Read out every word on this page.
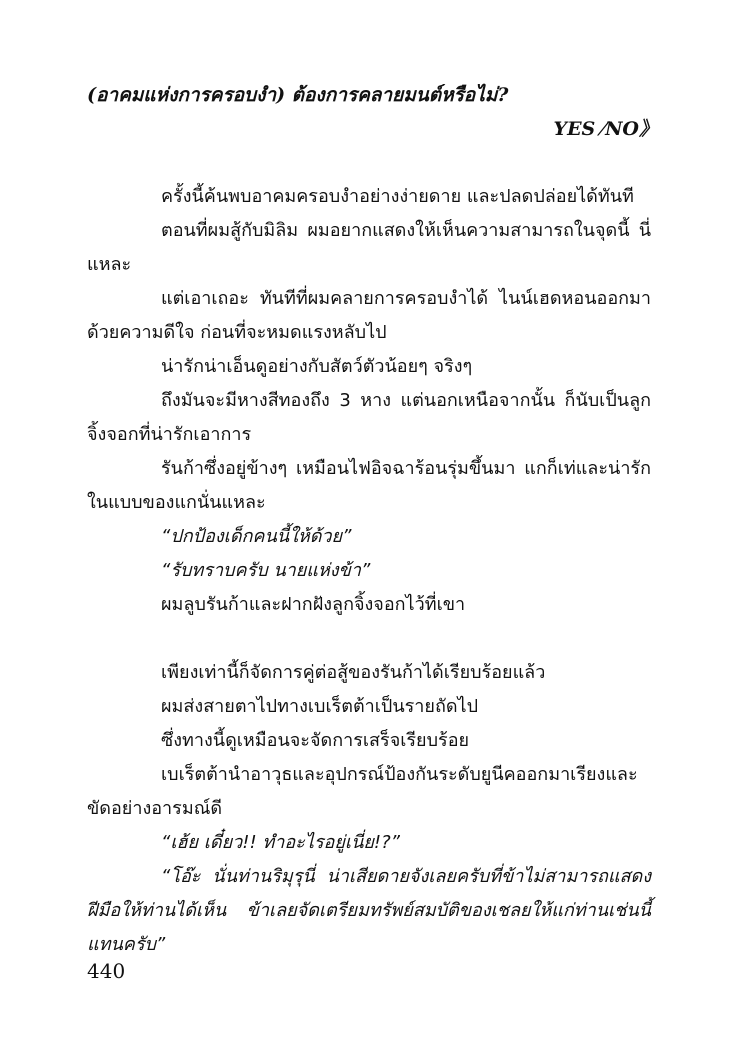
(อาคมแห่งการครอบงำ) ต้องการคลายมนต์หรือไม่?
YES ⁄NO》

ครั้งนี้ค้นพบอาคมครอบงำอย่างง่ายดาย และปลดปล่อยได้ทันที

ตอนที่ผมสู้กับมิลิม ผมอยากแสดงให้เห็นความสามารถในจุดนี้ นี่แหละ

แต่เอาเถอะ ทันทีที่ผมคลายการครอบงำได้ ไนน์เฮดหอนออกมาด้วยความดีใจ ก่อนที่จะหมดแรงหลับไป

น่ารักน่าเอ็นดูอย่างกับสัตว์ตัวน้อยๆ จริงๆ

ถึงมันจะมีหางสีทองถึง 3 หาง แต่นอกเหนือจากนั้น ก็นับเป็นลูกจิ้งจอกที่น่ารักเอาการ

รันก้าซึ่งอยู่ข้างๆ เหมือนไฟอิจฉาร้อนรุ่มขึ้นมา แกก็เท่และน่ารักในแบบของแกนั่นแหละ

“ปกป้องเด็กคนนี้ให้ด้วย”

“รับทราบครับ นายแห่งข้า”

ผมลูบรันก้าและฝากฝังลูกจิ้งจอกไว้ที่เขา

เพียงเท่านี้ก็จัดการคู่ต่อสู้ของรันก้าได้เรียบร้อยแล้ว

ผมส่งสายตาไปทางเบเร็ตต้าเป็นรายถัดไป

ซึ่งทางนี้ดูเหมือนจะจัดการเสร็จเรียบร้อย

เบเร็ตต้านำอาวุธและอุปกรณ์ป้องกันระดับยูนีคออกมาเรียงและขัดอย่างอารมณ์ดี

“เฮ้ย เดี๋ยว!! ทำอะไรอยู่เนี่ย!?”

“โอ๊ะ นั่นท่านริมุรุนี่ น่าเสียดายจังเลยครับที่ข้าไม่สามารถแสดงฝีมือให้ท่านได้เห็น ข้าเลยจัดเตรียมทรัพย์สมบัติของเชลยให้แก่ท่านเช่นนี้แทนครับ”

440
